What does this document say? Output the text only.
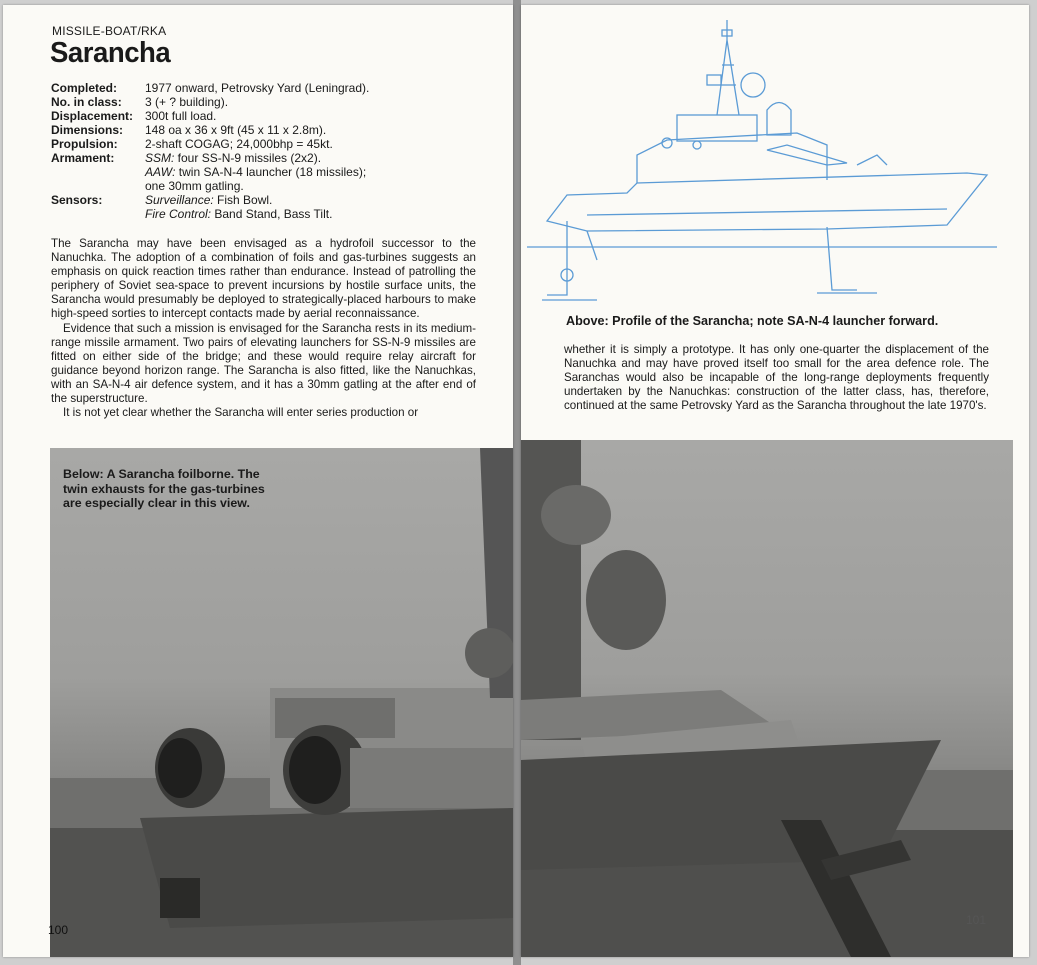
MISSILE-BOAT/RKA
Sarancha
Completed:	1977 onward, Petrovsky Yard (Leningrad).
No. in class:	3 (+ ? building).
Displacement: 300t full load.
Dimensions:	148 oa x 36 x 9ft (45 x 11 x 2.8m).
Propulsion:	2-shaft COGAG; 24,000bhp = 45kt.
Armament:	SSM: four SS-N-9 missiles (2x2).
AAW: twin SA-N-4 launcher (18 missiles);
one 30mm gatling.
Sensors:	Surveillance: Fish Bowl.
Fire Control: Band Stand, Bass Tilt.

The Sarancha may have been envisaged as a hydrofoil successor to the Nanuchka. The adoption of a combination of foils and gas-turbines suggests an emphasis on quick reaction times rather than endurance. Instead of patrolling the periphery of Soviet sea-space to prevent incursions by hostile surface units, the Sarancha would presumably be deployed to strategically-placed harbours to make high-speed sorties to intercept contacts made by aerial reconnaissance.

Evidence that such a mission is envisaged for the Sarancha rests in its medium-range missile armament. Two pairs of elevating launchers for SS-N-9 missiles are fitted on either side of the bridge; and these would require relay aircraft for guidance beyond horizon range. The Sarancha is also fitted, like the Nanuchkas, with an SA-N-4 air defence system, and it has a 30mm gatling at the after end of the superstructure.

It is not yet clear whether the Sarancha will enter series production or

Below: A Sarancha foilborne. The twin exhausts for the gas-turbines are especially clear in this view.
100
Above: Profile of the Sarancha; note SA-N-4 launcher forward.

whether it is simply a prototype. It has only one-quarter the displacement of the Nanuchka and may have proved itself too small for the area defence role. The Saranchas would also be incapable of the long-range deployments frequently undertaken by the Nanuchkas: construction of the latter class, has, therefore, continued at the same Petrovsky Yard as the Sarancha throughout the late 1970's.

101
